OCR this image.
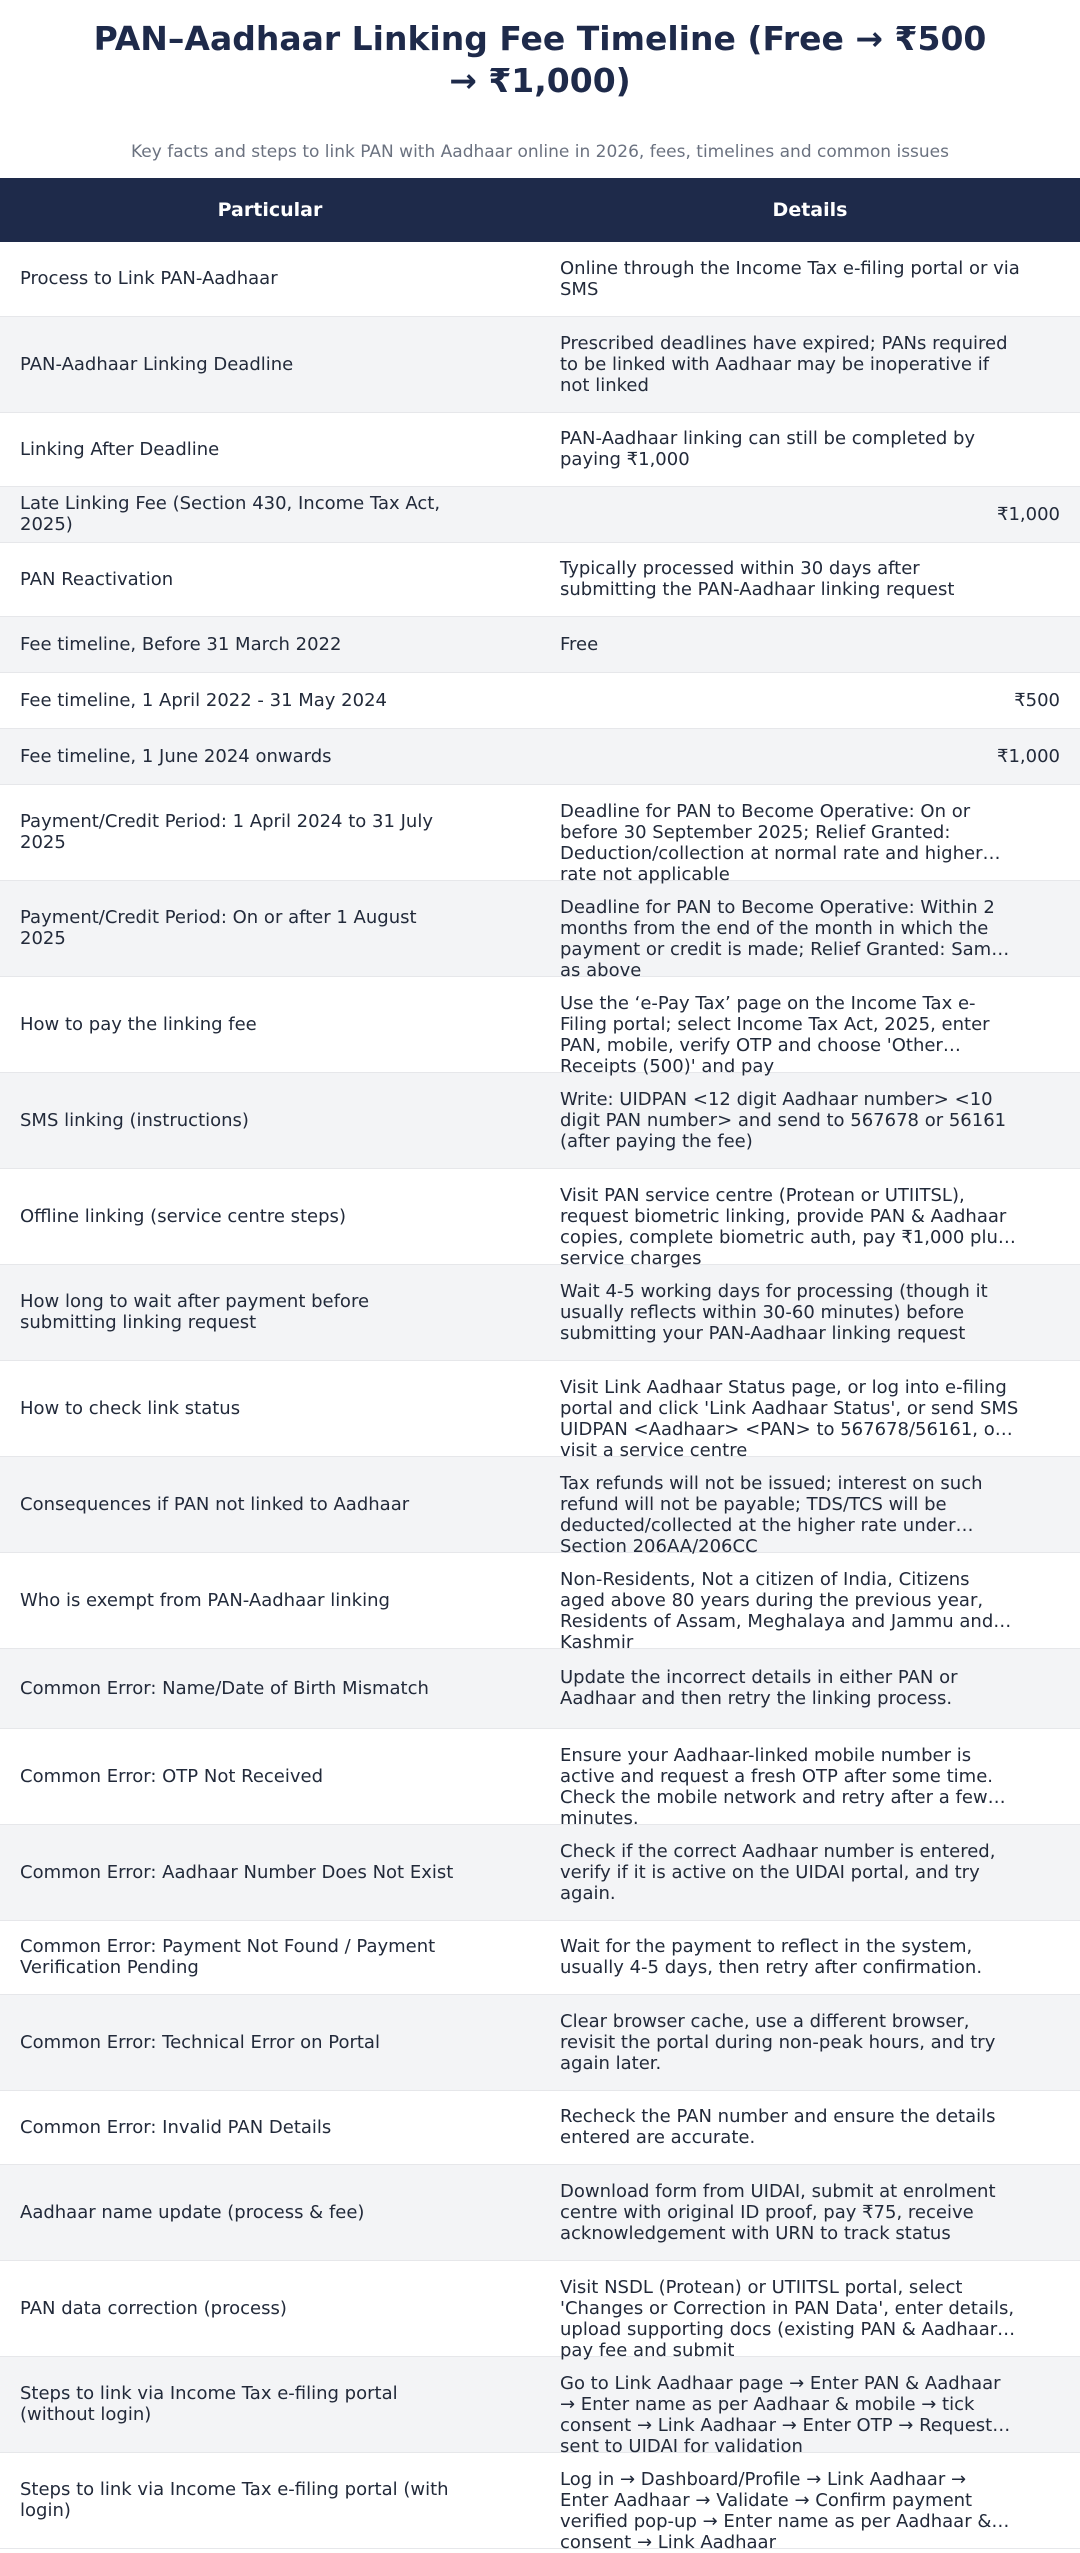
PAN–Aadhaar Linking Fee Timeline (Free → ₹500 → ₹1,000)

Key facts and steps to link PAN with Aadhaar online in 2026, fees, timelines and common issues

Particular	Details
Process to Link PAN-Aadhaar	Online through the Income Tax e-filing portal or via SMS

PAN-Aadhaar Linking Deadline	Prescribed deadlines have expired; PANs required to be linked with Aadhaar may be inoperative if not linked

Linking After Deadline	PAN-Aadhaar linking can still be completed by paying ₹1,000

Late Linking Fee (Section 430, Income Tax Act, 2025)	₹1,000

PAN Reactivation	Typically processed within 30 days after submitting the PAN-Aadhaar linking request

Fee timeline, Before 31 March 2022	Free

Fee timeline, 1 April 2022 - 31 May 2024	₹500

Fee timeline, 1 June 2024 onwards	₹1,000

Payment/Credit Period: 1 April 2024 to 31 July 2025	Deadline for PAN to Become Operative: On or before 30 September 2025; Relief Granted: Deduction/collection at normal rate and higher rate not applicable

Payment/Credit Period: On or after 1 August 2025	Deadline for PAN to Become Operative: Within 2 months from the end of the month in which the payment or credit is made; Relief Granted: Same as above

How to pay the linking fee	Use the ‘e-Pay Tax’ page on the Income Tax e-Filing portal; select Income Tax Act, 2025, enter PAN, mobile, verify OTP and choose 'Other Receipts (500)' and pay

SMS linking (instructions)	Write: UIDPAN <12 digit Aadhaar number> <10 digit PAN number> and send to 567678 or 56161 (after paying the fee)

Offline linking (service centre steps)	Visit PAN service centre (Protean or UTIITSL), request biometric linking, provide PAN & Aadhaar copies, complete biometric auth, pay ₹1,000 plus service charges

How long to wait after payment before submitting linking request	Wait 4-5 working days for processing (though it usually reflects within 30-60 minutes) before submitting your PAN-Aadhaar linking request

How to check link status	Visit Link Aadhaar Status page, or log into e-filing portal and click 'Link Aadhaar Status', or send SMS UIDPAN <Aadhaar> <PAN> to 567678/56161, or visit a service centre

Consequences if PAN not linked to Aadhaar	Tax refunds will not be issued; interest on such refund will not be payable; TDS/TCS will be deducted/collected at the higher rate under Section 206AA/206CC

Who is exempt from PAN-Aadhaar linking	Non-Residents, Not a citizen of India, Citizens aged above 80 years during the previous year, Residents of Assam, Meghalaya and Jammu and Kashmir

Common Error: Name/Date of Birth Mismatch	Update the incorrect details in either PAN or Aadhaar and then retry the linking process.

Common Error: OTP Not Received	Ensure your Aadhaar-linked mobile number is active and request a fresh OTP after some time. Check the mobile network and retry after a few minutes.

Common Error: Aadhaar Number Does Not Exist	Check if the correct Aadhaar number is entered, verify if it is active on the UIDAI portal, and try again.

Common Error: Payment Not Found / Payment Verification Pending	Wait for the payment to reflect in the system, usually 4-5 days, then retry after confirmation.

Common Error: Technical Error on Portal	Clear browser cache, use a different browser, revisit the portal during non-peak hours, and try again later.

Common Error: Invalid PAN Details	Recheck the PAN number and ensure the details entered are accurate.

Aadhaar name update (process & fee)	Download form from UIDAI, submit at enrolment centre with original ID proof, pay ₹75, receive acknowledgement with URN to track status

PAN data correction (process)	Visit NSDL (Protean) or UTIITSL portal, select 'Changes or Correction in PAN Data', enter details, upload supporting docs (existing PAN & Aadhaar), pay fee and submit

Steps to link via Income Tax e-filing portal (without login)	Go to Link Aadhaar page → Enter PAN & Aadhaar → Enter name as per Aadhaar & mobile → tick consent → Link Aadhaar → Enter OTP → Request sent to UIDAI for validation

Steps to link via Income Tax e-filing portal (with login)	Log in → Dashboard/Profile → Link Aadhaar → Enter Aadhaar → Validate → Confirm payment verified pop-up → Enter name as per Aadhaar & consent → Link Aadhaar
